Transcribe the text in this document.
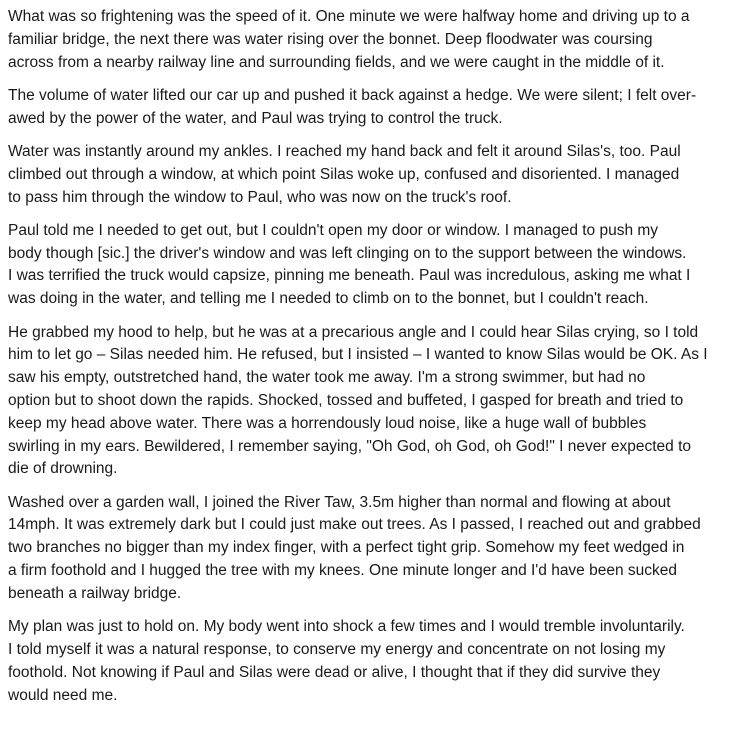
What was so frightening was the speed of it. One minute we were halfway home and driving up to a
familiar bridge, the next there was water rising over the bonnet. Deep floodwater was coursing
across from a nearby railway line and surrounding fields, and we were caught in the middle of it.

The volume of water lifted our car up and pushed it back against a hedge. We were silent; I felt over-
awed by the power of the water, and Paul was trying to control the truck.

Water was instantly around my ankles. I reached my hand back and felt it around Silas's, too. Paul
climbed out through a window, at which point Silas woke up, confused and disoriented. I managed
to pass him through the window to Paul, who was now on the truck's roof.

Paul told me I needed to get out, but I couldn't open my door or window. I managed to push my
body though [sic.] the driver's window and was left clinging on to the support between the windows.
I was terrified the truck would capsize, pinning me beneath. Paul was incredulous, asking me what I
was doing in the water, and telling me I needed to climb on to the bonnet, but I couldn't reach.

He grabbed my hood to help, but he was at a precarious angle and I could hear Silas crying, so I told
him to let go – Silas needed him. He refused, but I insisted – I wanted to know Silas would be OK. As I
saw his empty, outstretched hand, the water took me away. I'm a strong swimmer, but had no
option but to shoot down the rapids. Shocked, tossed and buffeted, I gasped for breath and tried to
keep my head above water. There was a horrendously loud noise, like a huge wall of bubbles
swirling in my ears. Bewildered, I remember saying, "Oh God, oh God, oh God!" I never expected to
die of drowning.

Washed over a garden wall, I joined the River Taw, 3.5m higher than normal and flowing at about
14mph. It was extremely dark but I could just make out trees. As I passed, I reached out and grabbed
two branches no bigger than my index finger, with a perfect tight grip. Somehow my feet wedged in
a firm foothold and I hugged the tree with my knees. One minute longer and I'd have been sucked
beneath a railway bridge.

My plan was just to hold on. My body went into shock a few times and I would tremble involuntarily.
I told myself it was a natural response, to conserve my energy and concentrate on not losing my
foothold. Not knowing if Paul and Silas were dead or alive, I thought that if they did survive they
would need me.
